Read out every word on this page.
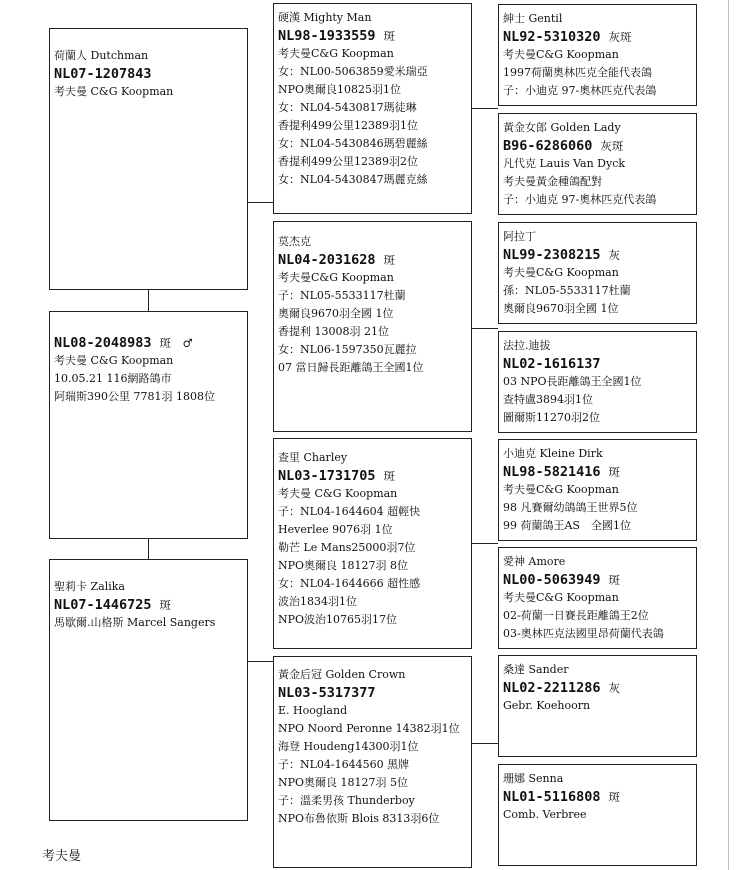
荷蘭人 Dutchman
NL07-1207843
考夫曼 C&G Koopman
NL08-2048983 斑　♂
考夫曼 C&G Koopman
10.05.21 116網路鴿市
阿瑞斯390公里 7781羽 1808位
聖莉卡 Zalika
NL07-1446725 斑
馬歇爾.山格斯 Marcel Sangers
硬漢 Mighty Man
NL98-1933559 斑
考夫曼C&G Koopman
女：NL00-5063859愛米瑞亞
NPO奧爾良10825羽1位
女：NL04-5430817瑪徒琳
香提利499公里12389羽1位
女：NL04-5430846瑪碧麗絲
香提利499公里12389羽2位
女：NL04-5430847瑪麗克絲
莫杰克
NL04-2031628 斑
考夫曼C&G Koopman
子：NL05-5533117杜蘭
奧爾良9670羽全國 1位
香提利 13008羽 21位
女：NL06-1597350瓦麗拉
07 當日歸長距離鴿王全國1位
查里 Charley
NL03-1731705 斑
考夫曼 C&G Koopman
子：NL04-1644604 超輕快
Heverlee 9076羽 1位
勒芒 Le Mans25000羽7位
NPO奧爾良 18127羽 8位
女：NL04-1644666 超性感
波治1834羽1位
NPO波治10765羽17位
黃金后冠 Golden Crown
NL03-5317377
E. Hoogland
NPO Noord Peronne 14382羽1位
海登 Houdeng14300羽1位
子：NL04-1644560 黑牌
NPO奧爾良 18127羽 5位
子：溫柔男孩 Thunderboy
NPO布魯依斯 Blois 8313羽6位
紳士 Gentil
NL92-5310320 灰斑
考夫曼C&G Koopman
1997荷蘭奧林匹克全能代表鴿
子：小迪克 97-奧林匹克代表鴿
黃金女郎 Golden Lady
B96-6286060 灰斑
凡代克 Lauis Van Dyck
考夫曼黃金種鴿配對
子：小迪克 97-奧林匹克代表鴿
阿拉丁
NL99-2308215 灰
考夫曼C&G Koopman
孫：NL05-5533117杜蘭
奧爾良9670羽全國 1位
法拉.迪拔
NL02-1616137
03 NPO長距離鴿王全國1位
查特盧3894羽1位
圖爾斯11270羽2位
小迪克 Kleine Dirk
NL98-5821416 斑
考夫曼C&G Koopman
98 凡賽爾幼鴿鴿王世界5位
99 荷蘭鴿王AS　全國1位
愛神 Amore
NL00-5063949 斑
考夫曼C&G Koopman
02-荷蘭一日賽長距離鴿王2位
03-奧林匹克法國里昂荷蘭代表鴿
桑達 Sander
NL02-2211286 灰
Gebr. Koehoorn
珊娜 Senna
NL01-5116808 斑
Comb. Verbree
考夫曼
